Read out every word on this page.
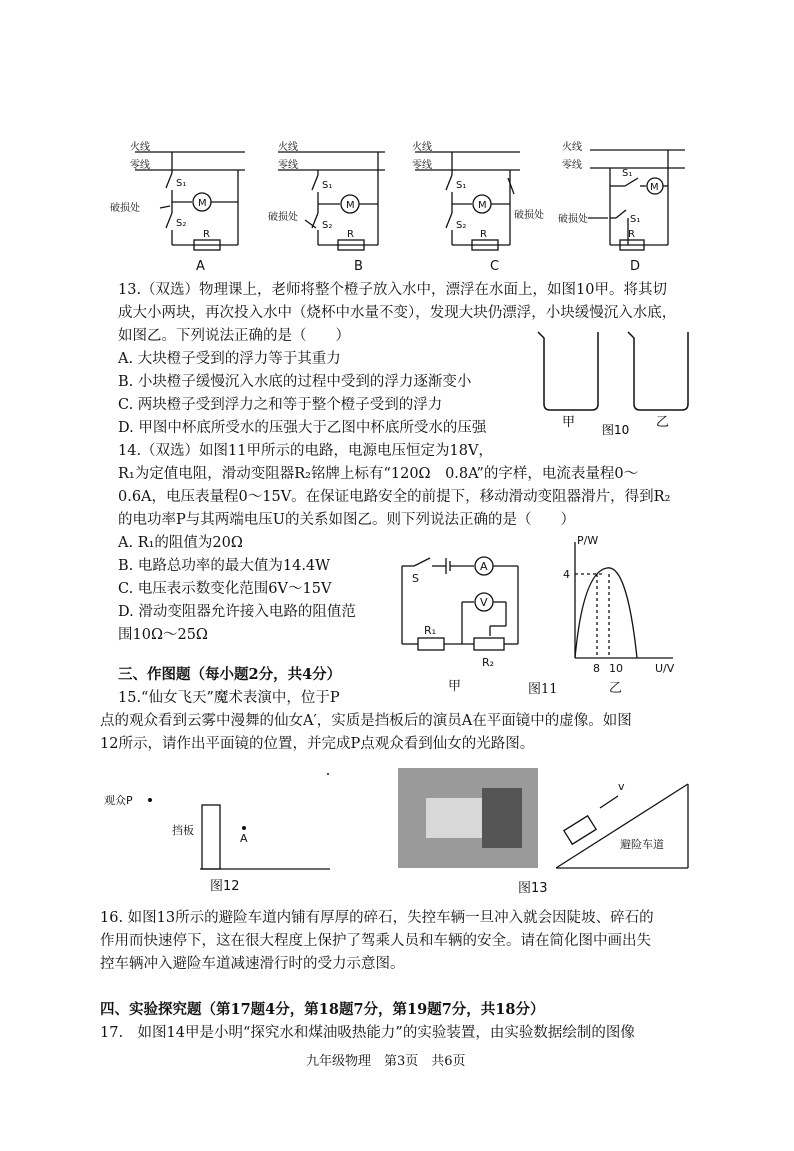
火线
零线
S₁
S₂
M
R
破损处
火线
零线
S₁
S₂
M
R
破损处
火线
零线
S₁
S₂
M
R
破损处
火线
零线
S₁
M
S₁
R
破损处
A	B	C	D
13.（双选）物理课上，老师将整个橙子放入水中，漂浮在水面上，如图10甲。将其切
成大小两块，再次投入水中（烧杯中水量不变），发现大块仍漂浮，小块缓慢沉入水底，
如图乙。下列说法正确的是（　　）
A. 大块橙子受到的浮力等于其重力
B. 小块橙子缓慢沉入水底的过程中受到的浮力逐渐变小
C. 两块橙子受到浮力之和等于整个橙子受到的浮力
D. 甲图中杯底所受水的压强大于乙图中杯底所受水的压强	甲 图10 乙
14.（双选）如图11甲所示的电路，电源电压恒定为18V，
R₁为定值电阻，滑动变阻器R₂铭牌上标有“120Ω　0.8A”的字样，电流表量程0～
0.6A，电压表量程0～15V。在保证电路安全的前提下，移动滑动变阻器滑片，得到R₂
的电功率P与其两端电压U的关系如图乙。则下列说法正确的是（　　）
A. R₁的阻值为20Ω
B. 电路总功率的最大值为14.4W
C. 电压表示数变化范围6V～15V
D. 滑动变阻器允许接入电路的阻值范
围10Ω～25Ω
S
A
V
R₁
R₂
甲	图11
P/W
4
8 10	U/V
乙
三、作图题（每小题2分，共4分）
15.“仙女飞天”魔术表演中，位于P
点的观众看到云雾中漫舞的仙女A′，实质是挡板后的演员A在平面镜中的虚像。如图
12所示，请作出平面镜的位置，并完成P点观众看到仙女的光路图。
观众P
挡板
A
图12
v
避险车道
图13
16. 如图13所示的避险车道内铺有厚厚的碎石，失控车辆一旦冲入就会因陡坡、碎石的
作用而快速停下，这在很大程度上保护了驾乘人员和车辆的安全。请在简化图中画出失
控车辆冲入避险车道减速滑行时的受力示意图。
四、实验探究题（第17题4分，第18题7分，第19题7分，共18分）
17.　如图14甲是小明“探究水和煤油吸热能力”的实验装置，由实验数据绘制的图像
九年级物理　第3页　共6页
